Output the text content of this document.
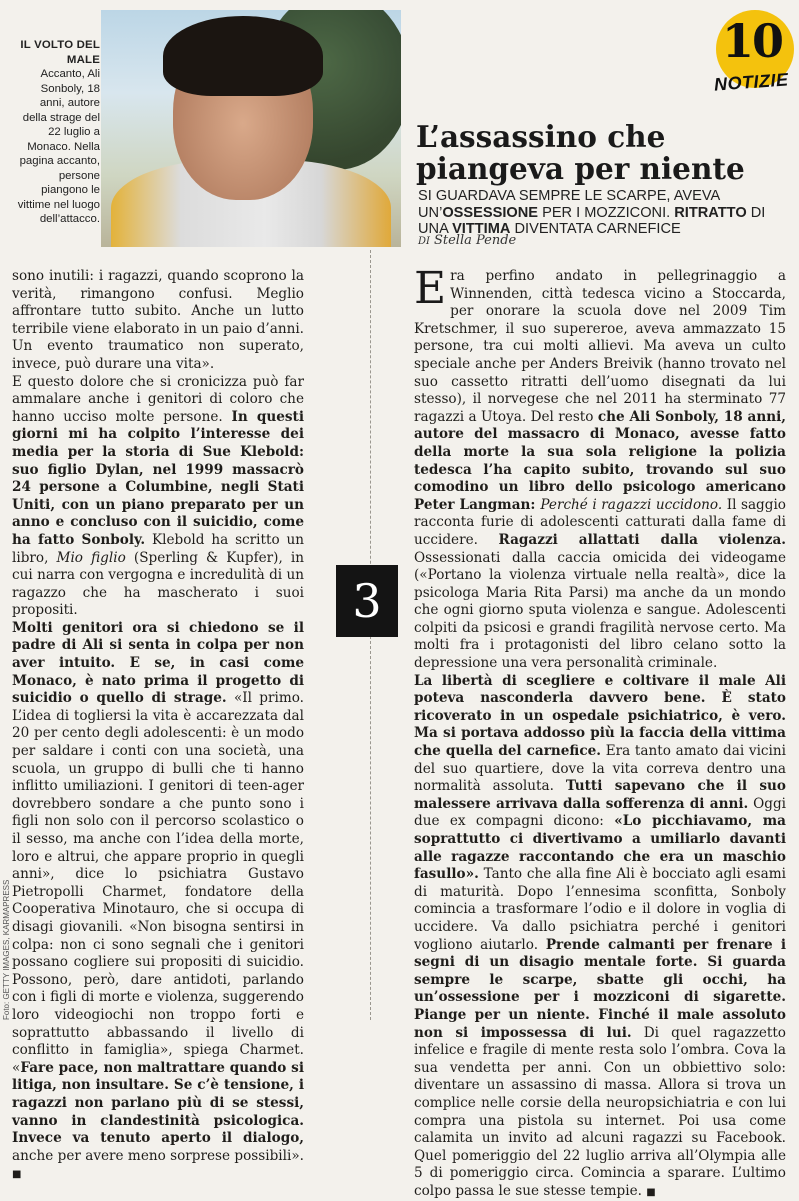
IL VOLTO DEL MALE
Accanto, Ali Sonboly, 18 anni, autore della strage del 22 luglio a Monaco. Nella pagina accanto, persone piangono le vittime nel luogo dell’attacco.
10
NOTIZIE
L’assassino che piangeva per niente

SI GUARDAVA SEMPRE LE SCARPE, AVEVA UN’OSSESSIONE PER I MOZZICONI. RITRATTO DI UNA VITTIMA DIVENTATA CARNEFICE

DI Stella Pende

sono inutili: i ragazzi, quando scoprono la verità, rimangono confusi. Meglio affrontare tutto subito. Anche un lutto terribile viene elaborato in un paio d’anni. Un evento traumatico non superato, invece, può durare una vita».

E questo dolore che si cronicizza può far ammalare anche i genitori di coloro che hanno ucciso molte persone. In questi giorni mi ha colpito l’interesse dei media per la storia di Sue Klebold: suo figlio Dylan, nel 1999 massacrò 24 persone a Columbine, negli Stati Uniti, con un piano preparato per un anno e concluso con il suicidio, come ha fatto Sonboly. Klebold ha scritto un libro, Mio figlio (Sperling & Kupfer), in cui narra con vergogna e incredulità di un ragazzo che ha mascherato i suoi propositi.

Molti genitori ora si chiedono se il padre di Ali si senta in colpa per non aver intuito. E se, in casi come Monaco, è nato prima il progetto di suicidio o quello di strage. «Il primo. L’idea di togliersi la vita è accarezzata dal 20 per cento degli adolescenti: è un modo per saldare i conti con una società, una scuola, un gruppo di bulli che ti hanno inflitto umiliazioni. I genitori di teen-ager dovrebbero sondare a che punto sono i figli non solo con il percorso scolastico o il sesso, ma anche con l’idea della morte, loro e altrui, che appare proprio in quegli anni», dice lo psichiatra Gustavo Pietropolli Charmet, fondatore della Cooperativa Minotauro, che si occupa di disagi giovanili. «Non bisogna sentirsi in colpa: non ci sono segnali che i genitori possano cogliere sui propositi di suicidio. Possono, però, dare antidoti, parlando con i figli di morte e violenza, suggerendo loro videogiochi non troppo forti e soprattutto abbassando il livello di conflitto in famiglia», spiega Charmet. «Fare pace, non maltrattare quando si litiga, non insultare. Se c’è tensione, i ragazzi non parlano più di se stessi, vanno in clandestinità psicologica. Invece va tenuto aperto il dialogo, anche per avere meno sorprese possibili». ■

3

Era perfino andato in pellegrinaggio a Winnenden, città tedesca vicino a Stoccarda, per onorare la scuola dove nel 2009 Tim Kretschmer, il suo supereroe, aveva ammazzato 15 persone, tra cui molti allievi. Ma aveva un culto speciale anche per Anders Breivik (hanno trovato nel suo cassetto ritratti dell’uomo disegnati da lui stesso), il norvegese che nel 2011 ha sterminato 77 ragazzi a Utoya. Del resto che Ali Sonboly, 18 anni, autore del massacro di Monaco, avesse fatto della morte la sua sola religione la polizia tedesca l’ha capito subito, trovando sul suo comodino un libro dello psicologo americano Peter Langman: Perché i ragazzi uccidono. Il saggio racconta furie di adolescenti catturati dalla fame di uccidere. Ragazzi allattati dalla violenza. Ossessionati dalla caccia omicida dei videogame («Portano la violenza virtuale nella realtà», dice la psicologa Maria Rita Parsi) ma anche da un mondo che ogni giorno sputa violenza e sangue. Adolescenti colpiti da psicosi e grandi fragilità nervose certo. Ma molti fra i protagonisti del libro celano sotto la depressione una vera personalità criminale.

La libertà di scegliere e coltivare il male Ali poteva nasconderla davvero bene. È stato ricoverato in un ospedale psichiatrico, è vero. Ma si portava addosso più la faccia della vittima che quella del carnefice. Era tanto amato dai vicini del suo quartiere, dove la vita correva dentro una normalità assoluta. Tutti sapevano che il suo malessere arrivava dalla sofferenza di anni. Oggi due ex compagni dicono: «Lo picchiavamo, ma soprattutto ci divertivamo a umiliarlo davanti alle ragazze raccontando che era un maschio fasullo». Tanto che alla fine Ali è bocciato agli esami di maturità. Dopo l’ennesima sconfitta, Sonboly comincia a trasformare l’odio e il dolore in voglia di uccidere. Va dallo psichiatra perché i genitori vogliono aiutarlo. Prende calmanti per frenare i segni di un disagio mentale forte. Si guarda sempre le scarpe, sbatte gli occhi, ha un’ossessione per i mozziconi di sigarette. Piange per un niente. Finché il male assoluto non si impossessa di lui. Di quel ragazzetto infelice e fragile di mente resta solo l’ombra. Cova la sua vendetta per anni. Con un obbiettivo solo: diventare un assassino di massa. Allora si trova un complice nelle corsie della neuropsichiatria e con lui compra una pistola su internet. Poi usa come calamita un invito ad alcuni ragazzi su Facebook. Quel pomeriggio del 22 luglio arriva all’Olympia alle 5 di pomeriggio circa. Comincia a sparare. L’ultimo colpo passa le sue stesse tempie. ■

Foto: GETTY IMAGES, KARMAPRESS
